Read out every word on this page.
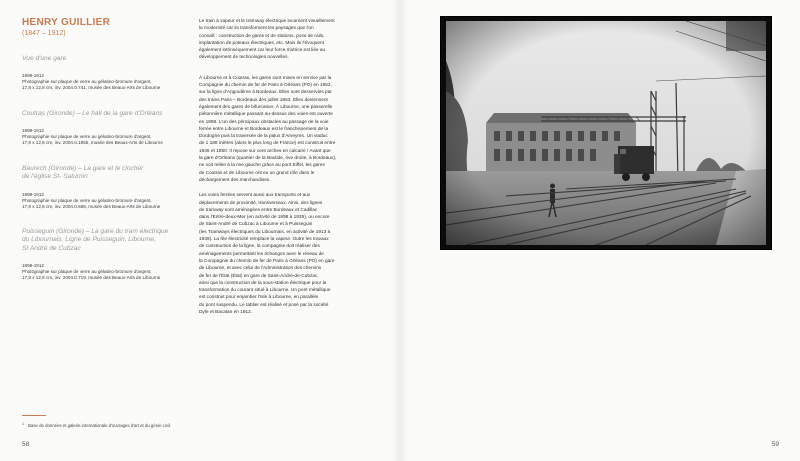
HENRY GUILLIER
(1847 – 1912)
Vue d'une gare
1899-1912
Photographie sur plaque de verre au gélatino-bromure d'argent,
17,8 x 12,8 cm, inv. 2004.0.741, musée des Beaux-Arts de Libourne
Coutras (Gironde) – Le hall de la gare d'Orléans
1899-1912
Photographie sur plaque de verre au gélatino-bromure d'argent,
17,8 x 12,8 cm, inv. 2004.0.1855, musée des Beaux-Arts de Libourne
Baurech (Gironde) – La gare et le clocher
de l'église St- Saturnin
1899-1912
Photographie sur plaque de verre au gélatino-bromure d'argent,
17,8 x 12,8 cm, inv. 2004.0.588, musée des Beaux-Arts de Libourne
Puisseguin (Gironde) – La gare du tram électrique
du Libournais. Ligne de Puisseguin, Libourne,
St André de Cubzac
1899-1912
Photographie sur plaque de verre au gélatino-bromure d'argent,
17,8 x 12,8 cm, inv. 2004.0.719, musée des Beaux-Arts de Libourne

Le train à vapeur et le tramway électrique incarnent visuellement
la modernité car ils transforment les paysages que l'on
connaît : construction de gares et de stations, pose de rails,
implantation de poteaux électriques, etc. Mais ils l'évoquent
également intrinsèquement car leur force motrice est liée au
développement de technologies nouvelles.

À Libourne et à Coutras, les gares sont mises en service par la
Compagnie du chemin de fer de Paris à Orléans (PO) en 1852,
sur la ligne d'Angoulême à Bordeaux. Elles sont desservies par
des trains Paris – Bordeaux dès juillet 1853. Elles deviennent
également des gares de bifurcation. À Libourne, une passerelle
piétonnière métallique passant au-dessus des voies est ouverte
en 1898. L'un des principaux obstacles au passage de la voie
ferrée entre Libourne et Bordeaux est le franchissement de la
Dordogne puis la traversée de la palus d'Arveyres. Un viaduc
de 1 186 mètres (alors le plus long de France) est construit entre
1846 et 1850. Il repose sur cent arches en calcaire ! Avant que
la gare d'Orléans (quartier de la Bastide, rive droite, à Bordeaux),
ne soit reliée à la rive gauche grâce au pont Eiffel, les gares
de Coutras et de Libourne ont eu un grand rôle dans le
déchargement des marchandises.

Les voies ferrées servent aussi aux transports et aux
déplacements de proximité, transversaux. Ainsi, des lignes
de tramway sont aménagées entre Bordeaux et Cadillac
dans l'Entre-deux-Mer (en activité de 1898 à 1935), ou encore
de Saint-André de Cubzac à Libourne et à Puisseguin
(les Tramways électriques du Libournais, en activité de 1913 à
1949). La fée électricité remplace la vapeur. Outre les travaux
de construction de la ligne, la compagnie doit réaliser des
aménagements permettant les échanges avec le réseau de
la Compagnie du chemin de fer de Paris à Orléans (PO) en gare
de Libourne, et avec celui de l'Administration des chemins
de fer de l'État (État) en gare de Saint-André-de-Cubzac,
ainsi que la construction de la sous-station électrique pour la
transformation du courant situé à Libourne. Un pont métallique
est construit pour enjamber l'Isle à Libourne, en parallèle
du pont suspendu. Le tablier est réalisé et posé par la société
Dyle et Bacalan en 1912.

$^1$ Base de données et galerie internationale d'ouvrages d'art et du génie civil.
58	59
